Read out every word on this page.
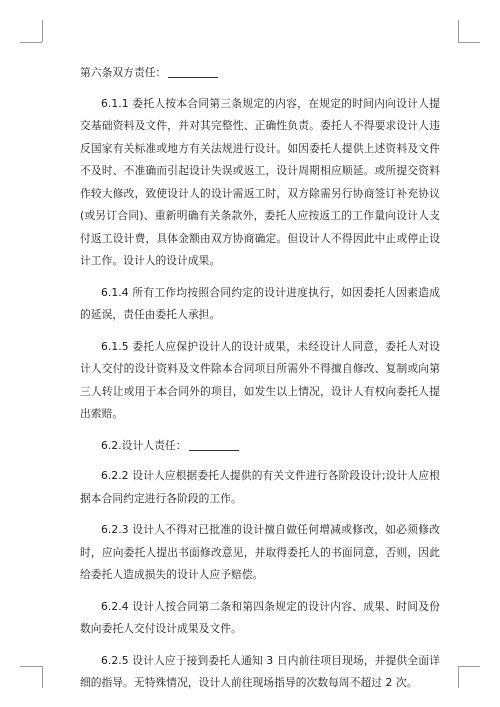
第六条双方责任：

6.1.1 委托人按本合同第三条规定的内容，在规定的时间内向设计人提交基础资料及文件，并对其完整性、正确性负责。委托人不得要求设计人违反国家有关标准或地方有关法规进行设计。如因委托人提供上述资料及文件不及时、不准确而引起设计失误或返工，设计周期相应顺延。或所提交资料作较大修改，致使设计人的设计需返工时，双方除需另行协商签订补充协议(或另订合同)、重新明确有关条款外，委托人应按返工的工作量向设计人支付返工设计费，具体金额由双方协商确定。但设计人不得因此中止或停止设计工作。设计人的设计成果。

6.1.4 所有工作均按照合同约定的设计进度执行，如因委托人因素造成的延误，责任由委托人承担。

6.1.5 委托人应保护设计人的设计成果，未经设计人同意，委托人对设计人交付的设计资料及文件除本合同项目所需外不得擅自修改、复制或向第三人转让或用于本合同外的项目，如发生以上情况，设计人有权向委托人提出索赔。

6.2.设计人责任：

6.2.2 设计人应根据委托人提供的有关文件进行各阶段设计;设计人应根据本合同约定进行各阶段的工作。

6.2.3 设计人不得对已批准的设计擅自做任何增减或修改，如必须修改时，应向委托人提出书面修改意见，并取得委托人的书面同意，否则，因此给委托人造成损失的设计人应予赔偿。

6.2.4 设计人按合同第二条和第四条规定的设计内容、成果、时间及份数向委托人交付设计成果及文件。

6.2.5 设计人应于接到委托人通知 3 日内前往项目现场，并提供全面详细的指导。无特殊情况，设计人前往现场指导的次数每周不超过 2 次。
